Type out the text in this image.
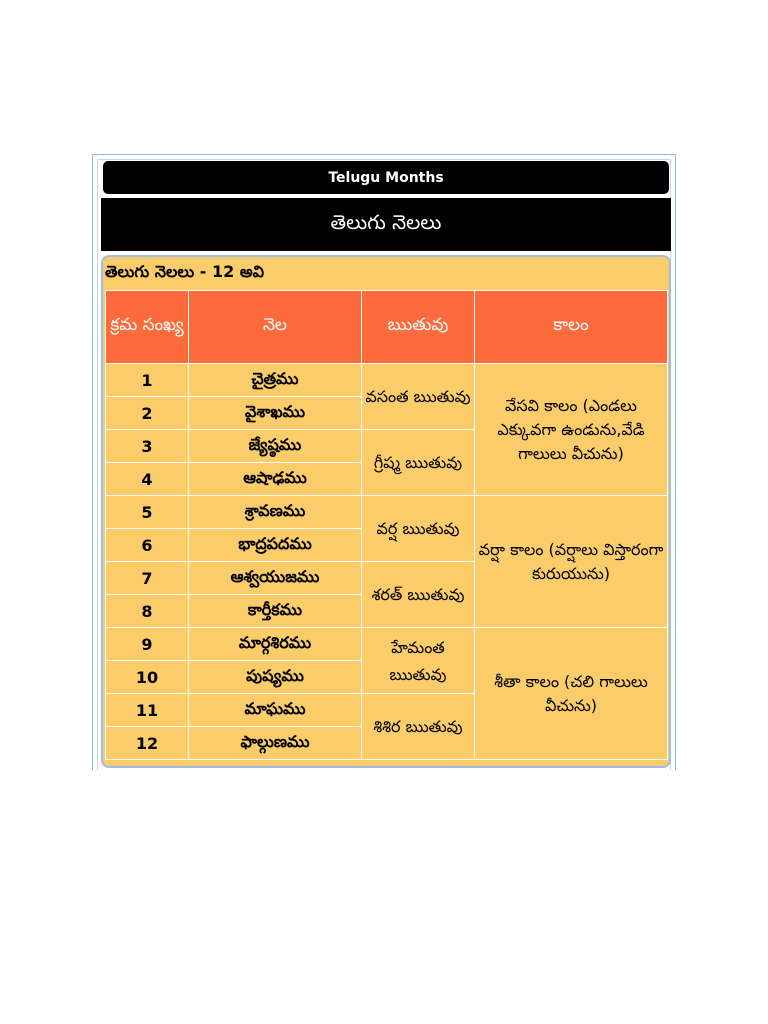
Telugu Months
తెలుగు నెలలు
తెలుగు నెలలు - 12 అవి
క్రమ సంఖ్య	నెల	ఋతువు	కాలం
1	చైత్రము	వసంత ఋతువు	వేసవి కాలం (ఎండలు ఎక్కువగా ఉండును,వేడి గాలులు వీచును)
2	వైశాఖము		
3	జ్యేష్ఠము	గ్రీష్మ ఋతువు	
4	ఆషాఢము		
5	శ్రావణము	వర్ష ఋతువు	వర్షా కాలం (వర్షాలు విస్తారంగా కురుయును)
6	భాద్రపదము		
7	ఆశ్వయుజము	శరత్ ఋతువు	
8	కార్తీకము		
9	మార్గశిరము	హేమంత ఋతువు	శీతా కాలం (చలి గాలులు వీచును)
10	పుష్యము		
11	మాఘము	శిశిర ఋతువు	
12	ఫాల్గుణము		
